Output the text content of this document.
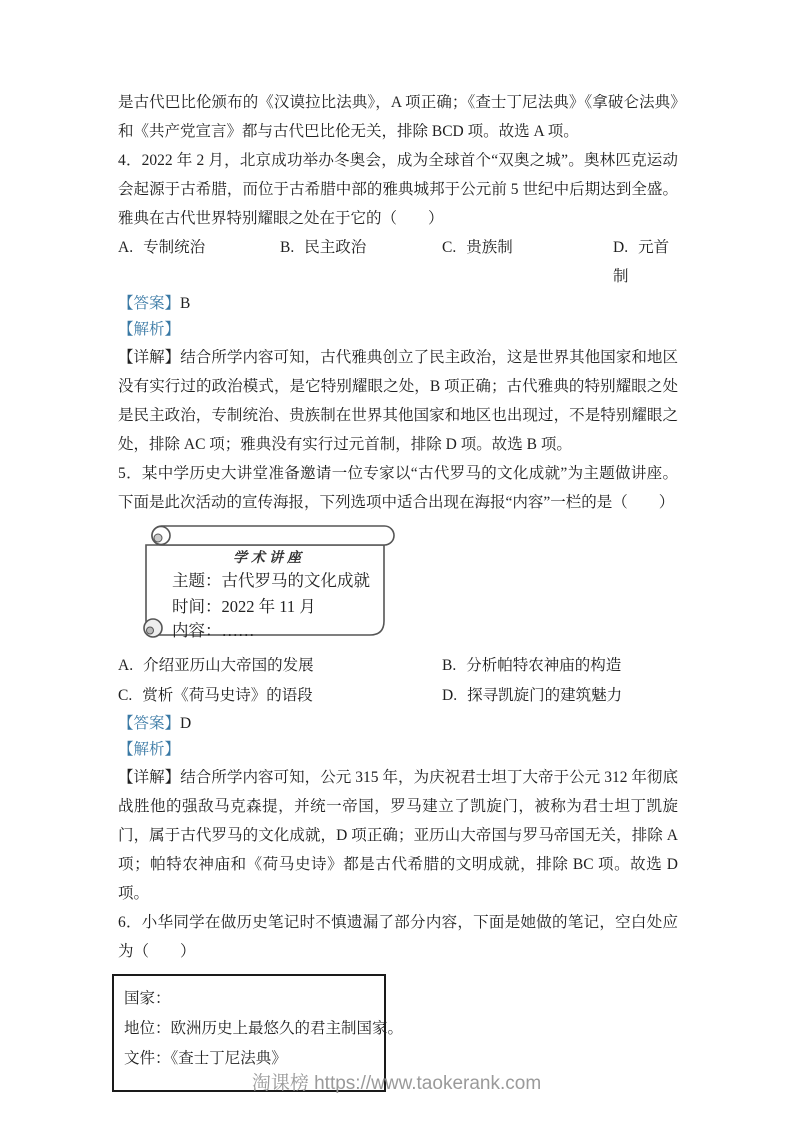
是古代巴比伦颁布的《汉谟拉比法典》，A 项正确；《查士丁尼法典》《拿破仑法典》和《共产党宣言》都与古代巴比伦无关，排除 BCD 项。故选 A 项。

4．2022 年 2 月，北京成功举办冬奥会，成为全球首个“双奥之城”。奥林匹克运动会起源于古希腊，而位于古希腊中部的雅典城邦于公元前 5 世纪中后期达到全盛。雅典在古代世界特别耀眼之处在于它的（　　）

A. 专制统治	B. 民主政治	C. 贵族制	D. 元首制
【答案】B
【解析】

【详解】结合所学内容可知，古代雅典创立了民主政治，这是世界其他国家和地区没有实行过的政治模式，是它特别耀眼之处，B 项正确；古代雅典的特别耀眼之处是民主政治，专制统治、贵族制在世界其他国家和地区也出现过，不是特别耀眼之处，排除 AC 项；雅典没有实行过元首制，排除 D 项。故选 B 项。

5．某中学历史大讲堂准备邀请一位专家以“古代罗马的文化成就”为主题做讲座。下面是此次活动的宣传海报，下列选项中适合出现在海报“内容”一栏的是（　　）

学术讲座
主题：古代罗马的文化成就
时间：2022 年 11 月
内容：……
A. 介绍亚历山大帝国的发展	B. 分析帕特农神庙的构造
C. 赏析《荷马史诗》的语段	D. 探寻凯旋门的建筑魅力
【答案】D
【解析】

【详解】结合所学内容可知，公元 315 年，为庆祝君士坦丁大帝于公元 312 年彻底战胜他的强敌马克森提，并统一帝国，罗马建立了凯旋门，被称为君士坦丁凯旋门，属于古代罗马的文化成就，D 项正确；亚历山大帝国与罗马帝国无关，排除 A 项；帕特农神庙和《荷马史诗》都是古代希腊的文明成就，排除 BC 项。故选 D 项。

6．小华同学在做历史笔记时不慎遗漏了部分内容，下面是她做的笔记，空白处应为（　　）

国家：

地位：欧洲历史上最悠久的君主制国家。

文件：《查士丁尼法典》

淘课榜 https://www.taokerank.com
